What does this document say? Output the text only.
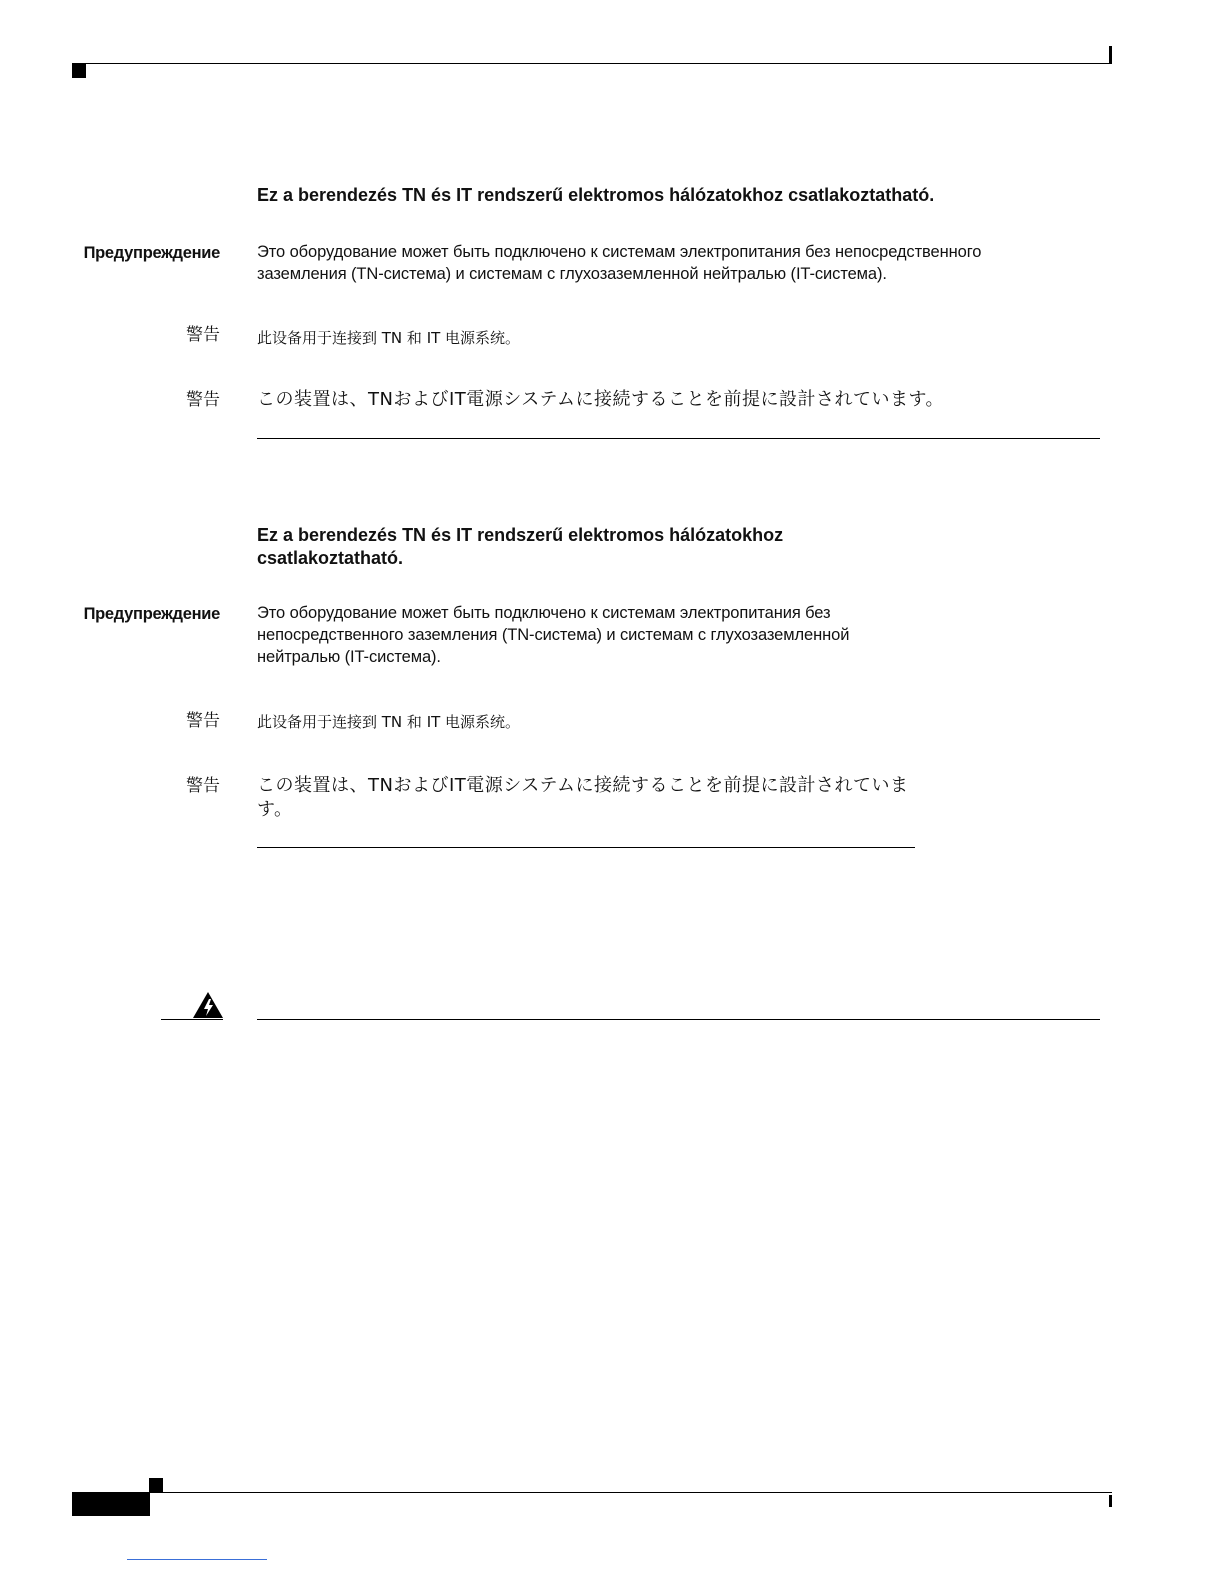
Ez a berendezés TN és IT rendszerű elektromos hálózatokhoz csatlakoztatható.
Предупреждение Это оборудование может быть подключено к системам электропитания без непосредственного заземления (TN-система) и системам с глухозаземленной нейтралью (IT-система).
警告 此设备用于连接到 TN 和 IT 电源系统。
警告 この装置は、TNおよびIT電源システムに接続することを前提に設計されています。
Ez a berendezés TN és IT rendszerű elektromos hálózatokhoz csatlakoztatható.
Предупреждение Это оборудование может быть подключено к системам электропитания без непосредственного заземления (TN-система) и системам с глухозаземленной нейтралью (IT-система).
警告 此设备用于连接到 TN 和 IT 电源系统。
警告 この装置は、TNおよびIT電源システムに接続することを前提に設計されています。
